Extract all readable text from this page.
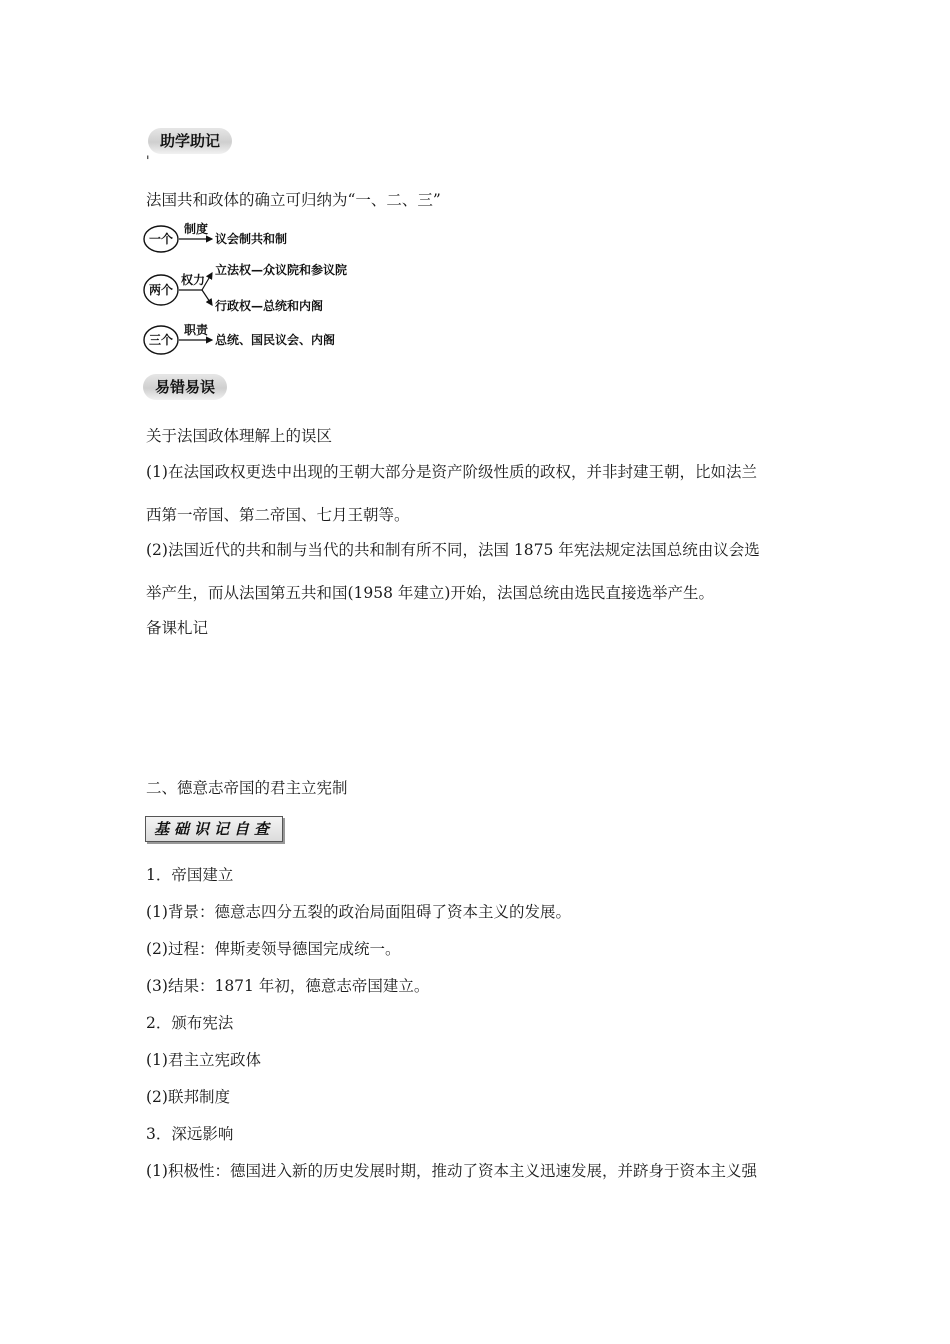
助学助记
'
法国共和政体的确立可归纳为“一、二、三”
一个
制度
议会制共和制
两个
权力
立法权—众议院和参议院
行政权—总统和内阁
三个
职责
总统、国民议会、内阁
易错易误
关于法国政体理解上的误区
(1)在法国政权更迭中出现的王朝大部分是资产阶级性质的政权，并非封建王朝，比如法兰
西第一帝国、第二帝国、七月王朝等。
(2)法国近代的共和制与当代的共和制有所不同，法国 1875 年宪法规定法国总统由议会选
举产生，而从法国第五共和国(1958 年建立)开始，法国总统由选民直接选举产生。
备课札记
二、德意志帝国的君主立宪制
基础识记自查
1．帝国建立
(1)背景：德意志四分五裂的政治局面阻碍了资本主义的发展。
(2)过程：俾斯麦领导德国完成统一。
(3)结果：1871 年初，德意志帝国建立。
2．颁布宪法
(1)君主立宪政体
(2)联邦制度
3．深远影响
(1)积极性：德国进入新的历史发展时期，推动了资本主义迅速发展，并跻身于资本主义强
